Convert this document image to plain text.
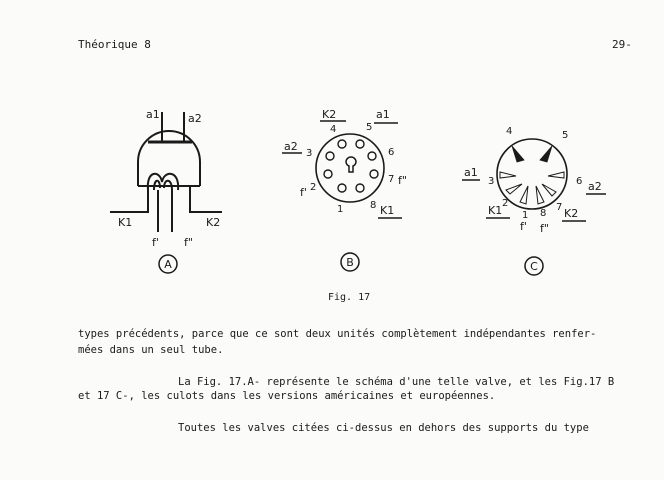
Théorique 8	29-
a1	a2
K1	K2
f' f"
A
K2	a1
4	5
a2
3	6
2
f'
7 f"
1	8 K1
B
4	5
a1
3	6 a2
2
K1 1 8
7 K2
f' f"
C
Fig. 17
types précédents, parce que ce sont deux unités complètement indépendantes renfer-
mées dans un seul tube.
La Fig. 17.A- représente le schéma d'une telle valve, et les Fig.17 B
et 17 C-, les culots dans les versions américaines et européennes.
Toutes les valves citées ci-dessus en dehors des supports du type
